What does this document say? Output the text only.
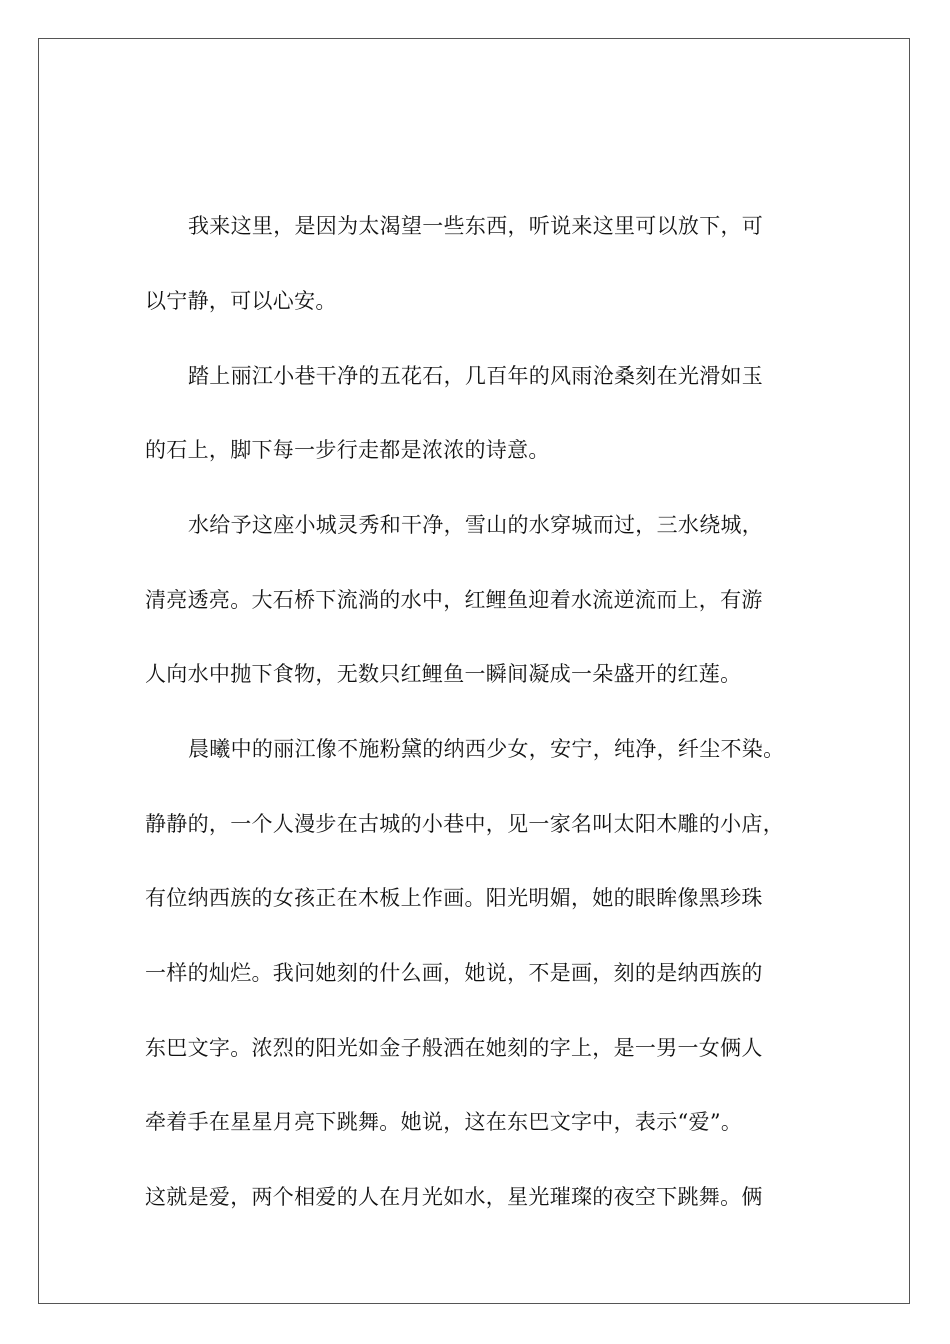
我来这里，是因为太渴望一些东西，听说来这里可以放下，可
以宁静，可以心安。
踏上丽江小巷干净的五花石，几百年的风雨沧桑刻在光滑如玉
的石上，脚下每一步行走都是浓浓的诗意。
水给予这座小城灵秀和干净，雪山的水穿城而过，三水绕城，
清亮透亮。大石桥下流淌的水中，红鲤鱼迎着水流逆流而上，有游
人向水中抛下食物，无数只红鲤鱼一瞬间凝成一朵盛开的红莲。
晨曦中的丽江像不施粉黛的纳西少女，安宁，纯净，纤尘不染。
静静的，一个人漫步在古城的小巷中，见一家名叫太阳木雕的小店，
有位纳西族的女孩正在木板上作画。阳光明媚，她的眼眸像黑珍珠
一样的灿烂。我问她刻的什么画，她说，不是画，刻的是纳西族的
东巴文字。浓烈的阳光如金子般洒在她刻的字上，是一男一女俩人
牵着手在星星月亮下跳舞。她说，这在东巴文字中，表示“爱”。
这就是爱，两个相爱的人在月光如水，星光璀璨的夜空下跳舞。俩
